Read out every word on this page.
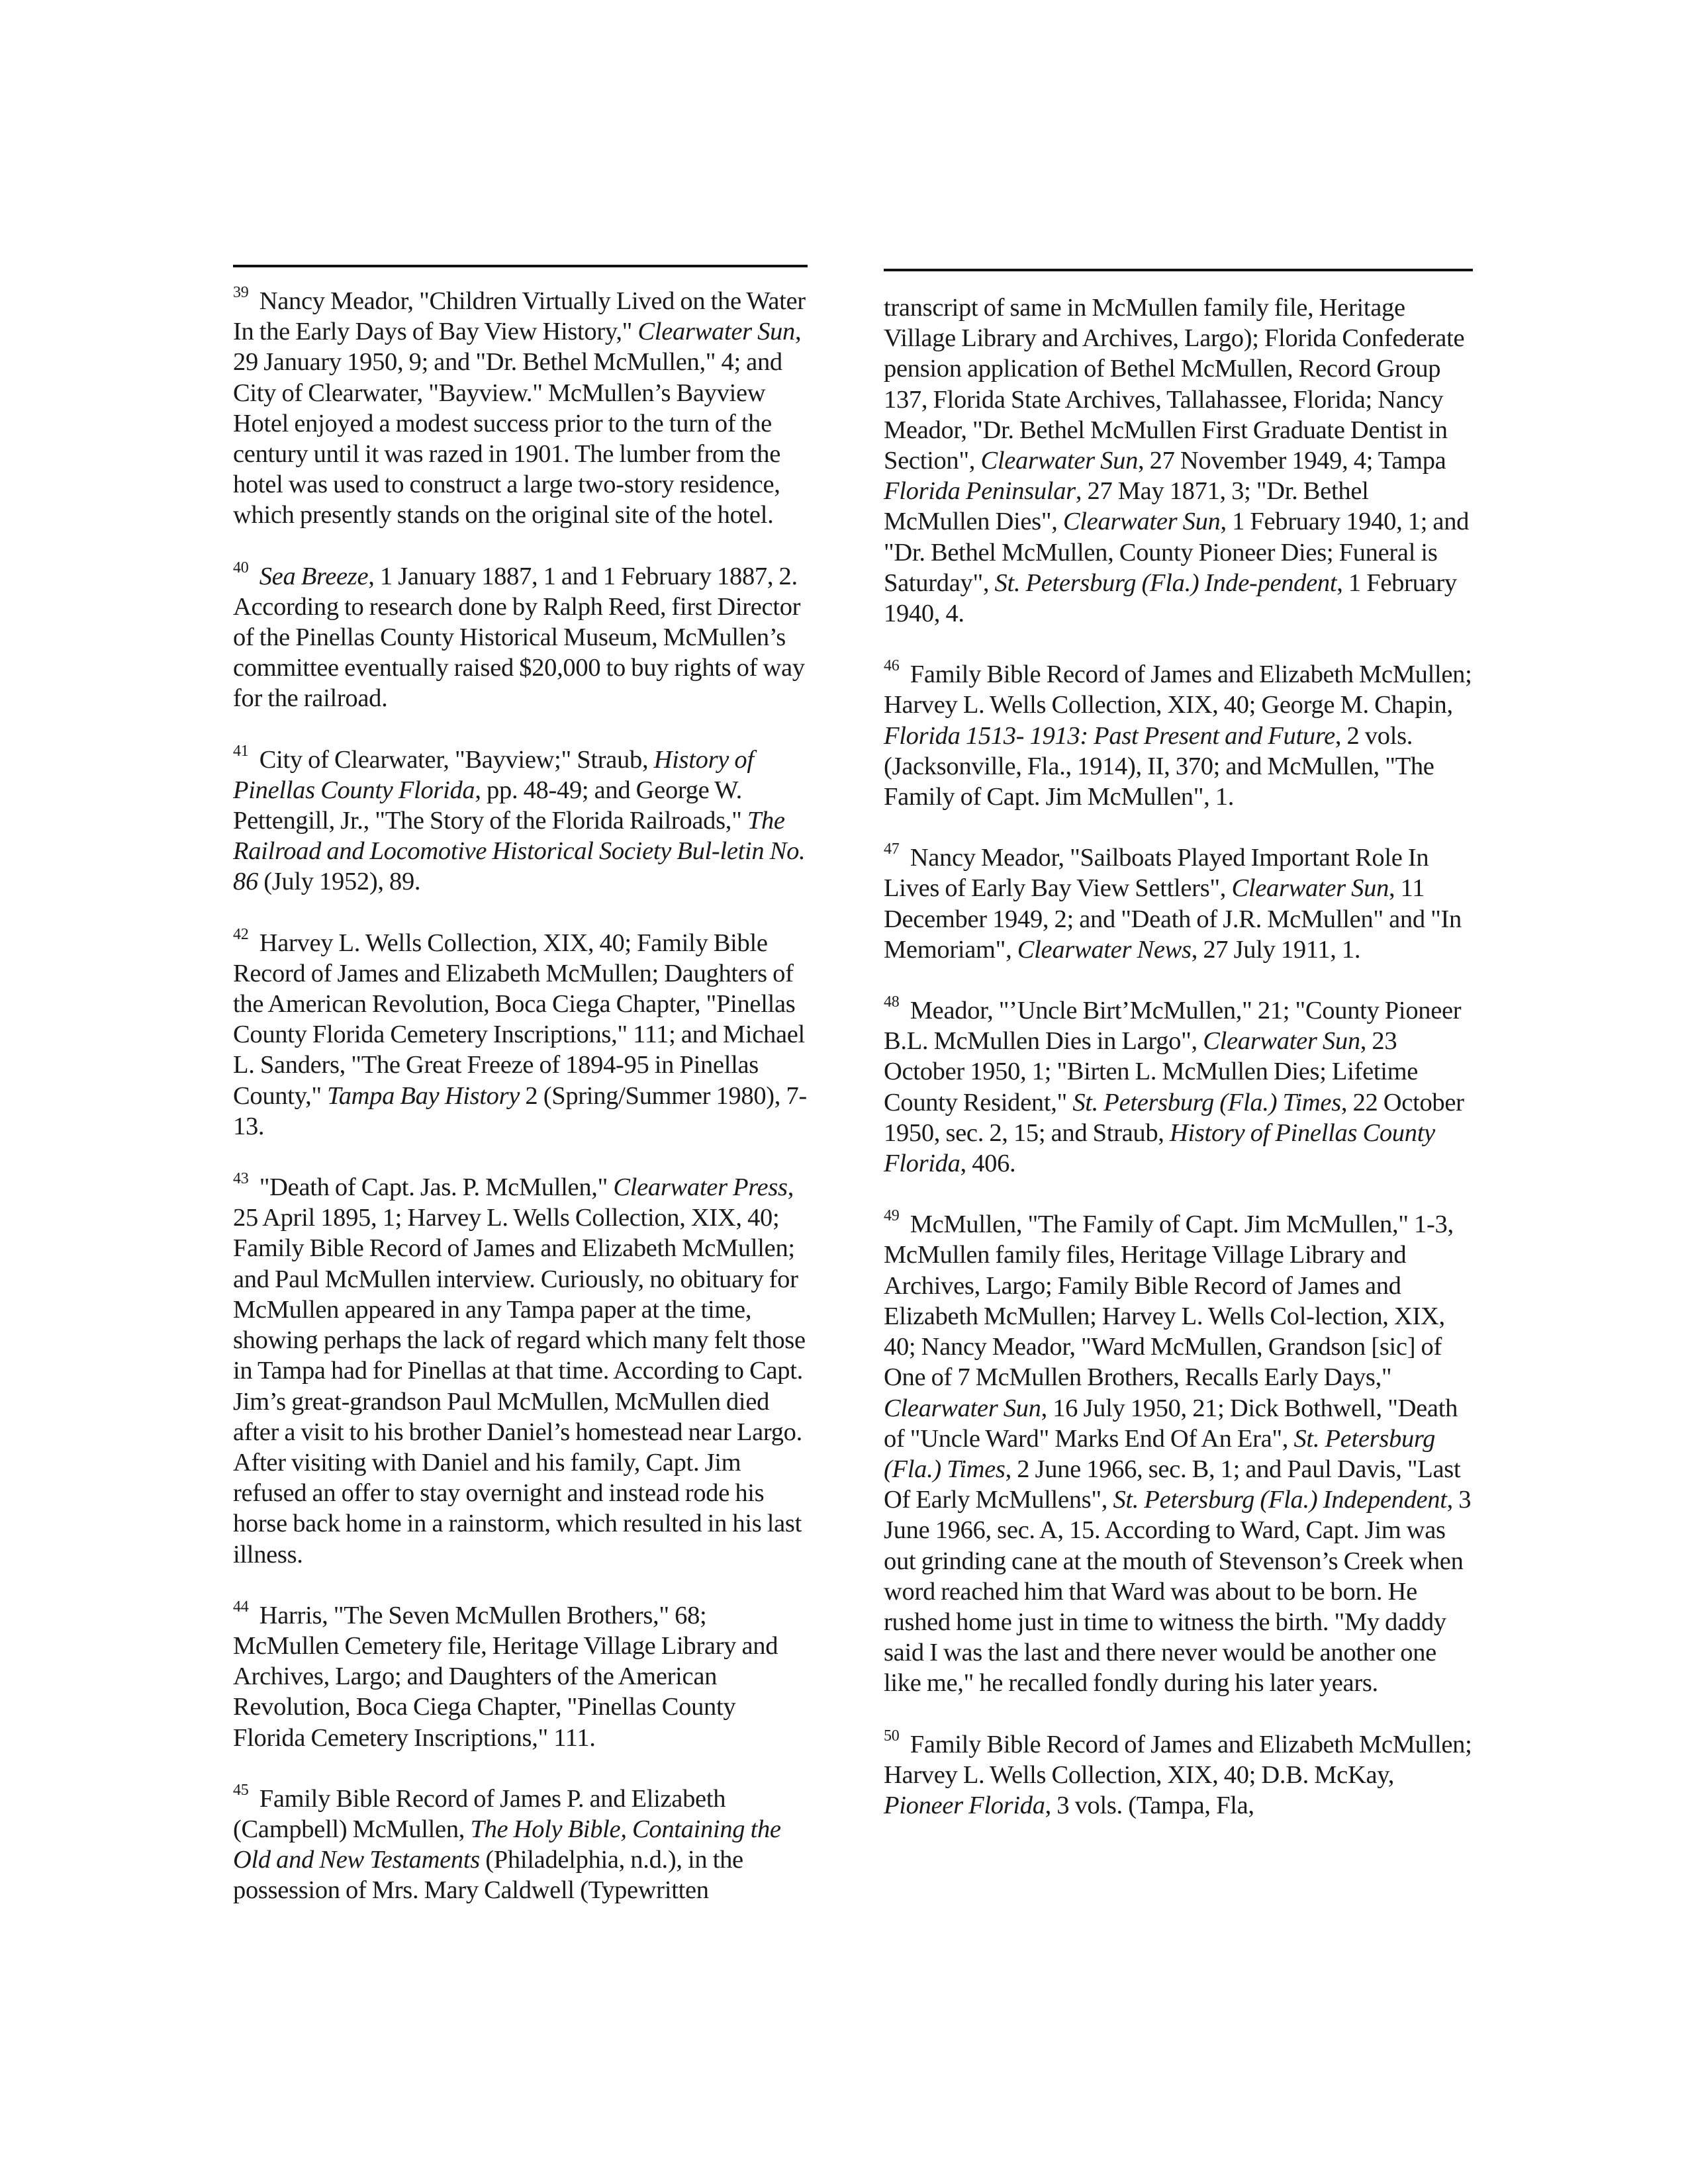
$^{39}$ Nancy Meador, "Children Virtually Lived on the Water In the Early Days of Bay View History," Clearwater Sun, 29 January 1950, 9; and "Dr. Bethel McMullen," 4; and City of Clearwater, "Bayview." McMullen’s Bayview Hotel enjoyed a modest success prior to the turn of the century until it was razed in 1901. The lumber from the hotel was used to construct a large two-story residence, which presently stands on the original site of the hotel.

$^{40}$ Sea Breeze, 1 January 1887, 1 and 1 February 1887, 2. According to research done by Ralph Reed, first Director of the Pinellas County Historical Museum, McMullen’s committee eventually raised $20,000 to buy rights of way for the railroad.

$^{41}$ City of Clearwater, "Bayview;" Straub, History of Pinellas County Florida, pp. 48-49; and George W. Pettengill, Jr., "The Story of the Florida Railroads," The Railroad and Locomotive Historical Society Bul-letin No. 86 (July 1952), 89.

$^{42}$ Harvey L. Wells Collection, XIX, 40; Family Bible Record of James and Elizabeth McMullen; Daughters of the American Revolution, Boca Ciega Chapter, "Pinellas County Florida Cemetery Inscriptions," 111; and Michael L. Sanders, "The Great Freeze of 1894-95 in Pinellas County," Tampa Bay History 2 (Spring/Summer 1980), 7-13.

$^{43}$ "Death of Capt. Jas. P. McMullen," Clearwater Press, 25 April 1895, 1; Harvey L. Wells Collection, XIX, 40; Family Bible Record of James and Elizabeth McMullen; and Paul McMullen interview. Curiously, no obituary for McMullen appeared in any Tampa paper at the time, showing perhaps the lack of regard which many felt those in Tampa had for Pinellas at that time. According to Capt. Jim’s great-grandson Paul McMullen, McMullen died after a visit to his brother Daniel’s homestead near Largo. After visiting with Daniel and his family, Capt. Jim refused an offer to stay overnight and instead rode his horse back home in a rainstorm, which resulted in his last illness.

$^{44}$ Harris, "The Seven McMullen Brothers," 68; McMullen Cemetery file, Heritage Village Library and Archives, Largo; and Daughters of the American Revolution, Boca Ciega Chapter, "Pinellas County Florida Cemetery Inscriptions," 111.

$^{45}$ Family Bible Record of James P. and Elizabeth (Campbell) McMullen, The Holy Bible, Containing the Old and New Testaments (Philadelphia, n.d.), in the possession of Mrs. Mary Caldwell (Typewritten

transcript of same in McMullen family file, Heritage Village Library and Archives, Largo); Florida Confederate pension application of Bethel McMullen, Record Group 137, Florida State Archives, Tallahassee, Florida; Nancy Meador, "Dr. Bethel McMullen First Graduate Dentist in Section", Clearwater Sun, 27 November 1949, 4; Tampa Florida Peninsular, 27 May 1871, 3; "Dr. Bethel McMullen Dies", Clearwater Sun, 1 February 1940, 1; and "Dr. Bethel McMullen, County Pioneer Dies; Funeral is Saturday", St. Petersburg (Fla.) Inde-pendent, 1 February 1940, 4.

$^{46}$ Family Bible Record of James and Elizabeth McMullen; Harvey L. Wells Collection, XIX, 40; George M. Chapin, Florida 1513- 1913: Past Present and Future, 2 vols. (Jacksonville, Fla., 1914), II, 370; and McMullen, "The Family of Capt. Jim McMullen", 1.

$^{47}$ Nancy Meador, "Sailboats Played Important Role In Lives of Early Bay View Settlers", Clearwater Sun, 11 December 1949, 2; and "Death of J.R. McMullen" and "In Memoriam", Clearwater News, 27 July 1911, 1.

$^{48}$ Meador, "’Uncle Birt’McMullen," 21; "County Pioneer B.L. McMullen Dies in Largo", Clearwater Sun, 23 October 1950, 1; "Birten L. McMullen Dies; Lifetime County Resident," St. Petersburg (Fla.) Times, 22 October 1950, sec. 2, 15; and Straub, History of Pinellas County Florida, 406.

$^{49}$ McMullen, "The Family of Capt. Jim McMullen," 1-3, McMullen family files, Heritage Village Library and Archives, Largo; Family Bible Record of James and Elizabeth McMullen; Harvey L. Wells Col-lection, XIX, 40; Nancy Meador, "Ward McMullen, Grandson [sic] of One of 7 McMullen Brothers, Recalls Early Days," Clearwater Sun, 16 July 1950, 21; Dick Bothwell, "Death of "Uncle Ward" Marks End Of An Era", St. Petersburg (Fla.) Times, 2 June 1966, sec. B, 1; and Paul Davis, "Last Of Early McMullens", St. Petersburg (Fla.) Independent, 3 June 1966, sec. A, 15. According to Ward, Capt. Jim was out grinding cane at the mouth of Stevenson’s Creek when word reached him that Ward was about to be born. He rushed home just in time to witness the birth. "My daddy said I was the last and there never would be another one like me," he recalled fondly during his later years.

$^{50}$ Family Bible Record of James and Elizabeth McMullen; Harvey L. Wells Collection, XIX, 40; D.B. McKay, Pioneer Florida, 3 vols. (Tampa, Fla,
